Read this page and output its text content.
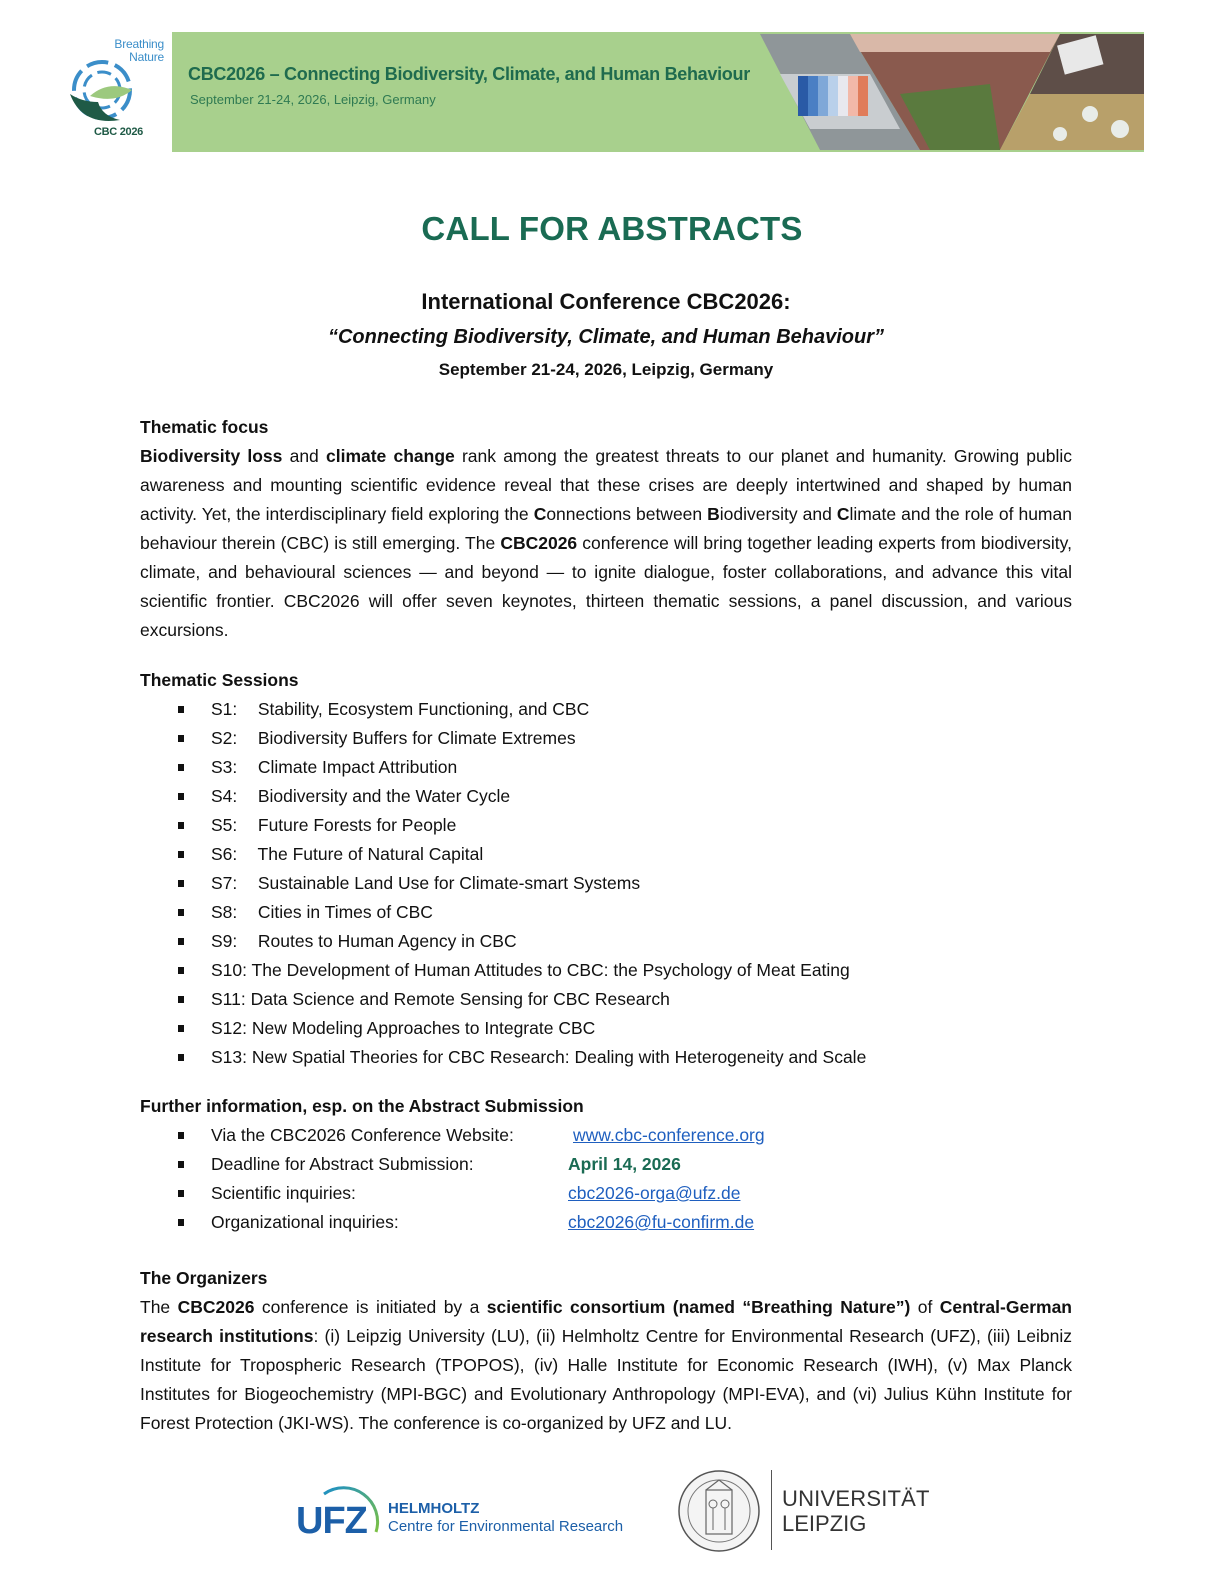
Breathing
Nature
CBC 2026
CBC2026 – Connecting Biodiversity, Climate, and Human Behaviour
September 21-24, 2026, Leipzig, Germany
CALL FOR ABSTRACTS
International Conference CBC2026:
“Connecting Biodiversity, Climate, and Human Behaviour”
September 21-24, 2026, Leipzig, Germany
Thematic focus
Biodiversity loss and climate change rank among the greatest threats to our planet and humanity. Growing public awareness and mounting scientific evidence reveal that these crises are deeply intertwined and shaped by human activity. Yet, the interdisciplinary field exploring the Connections between Biodiversity and Climate and the role of human behaviour therein (CBC) is still emerging. The CBC2026 conference will bring together leading experts from biodiversity, climate, and behavioural sciences — and beyond — to ignite dialogue, foster collaborations, and advance this vital scientific frontier. CBC2026 will offer seven keynotes, thirteen thematic sessions, a panel discussion, and various excursions.
Thematic Sessions
S1: Stability, Ecosystem Functioning, and CBC
S2: Biodiversity Buffers for Climate Extremes
S3: Climate Impact Attribution
S4: Biodiversity and the Water Cycle
S5: Future Forests for People
S6: The Future of Natural Capital
S7: Sustainable Land Use for Climate-smart Systems
S8: Cities in Times of CBC
S9: Routes to Human Agency in CBC
S10: The Development of Human Attitudes to CBC: the Psychology of Meat Eating
S11: Data Science and Remote Sensing for CBC Research
S12: New Modeling Approaches to Integrate CBC
S13: New Spatial Theories for CBC Research: Dealing with Heterogeneity and Scale
Further information, esp. on the Abstract Submission
Via the CBC2026 Conference Website:	www.cbc-conference.org
Deadline for Abstract Submission:	April 14, 2026
Scientific inquiries:	cbc2026-orga@ufz.de
Organizational inquiries:	cbc2026@fu-confirm.de
The Organizers
The CBC2026 conference is initiated by a scientific consortium (named “Breathing Nature”) of Central-German research institutions: (i) Leipzig University (LU), (ii) Helmholtz Centre for Environmental Research (UFZ), (iii) Leibniz Institute for Tropospheric Research (TPOPOS), (iv) Halle Institute for Economic Research (IWH), (v) Max Planck Institutes for Biogeochemistry (MPI-BGC) and Evolutionary Anthropology (MPI-EVA), and (vi) Julius Kühn Institute for Forest Protection (JKI-WS). The conference is co-organized by UFZ and LU.
UFZ HELMHOLTZ
Centre for Environmental Research
UNIVERSITÄT
LEIPZIG
